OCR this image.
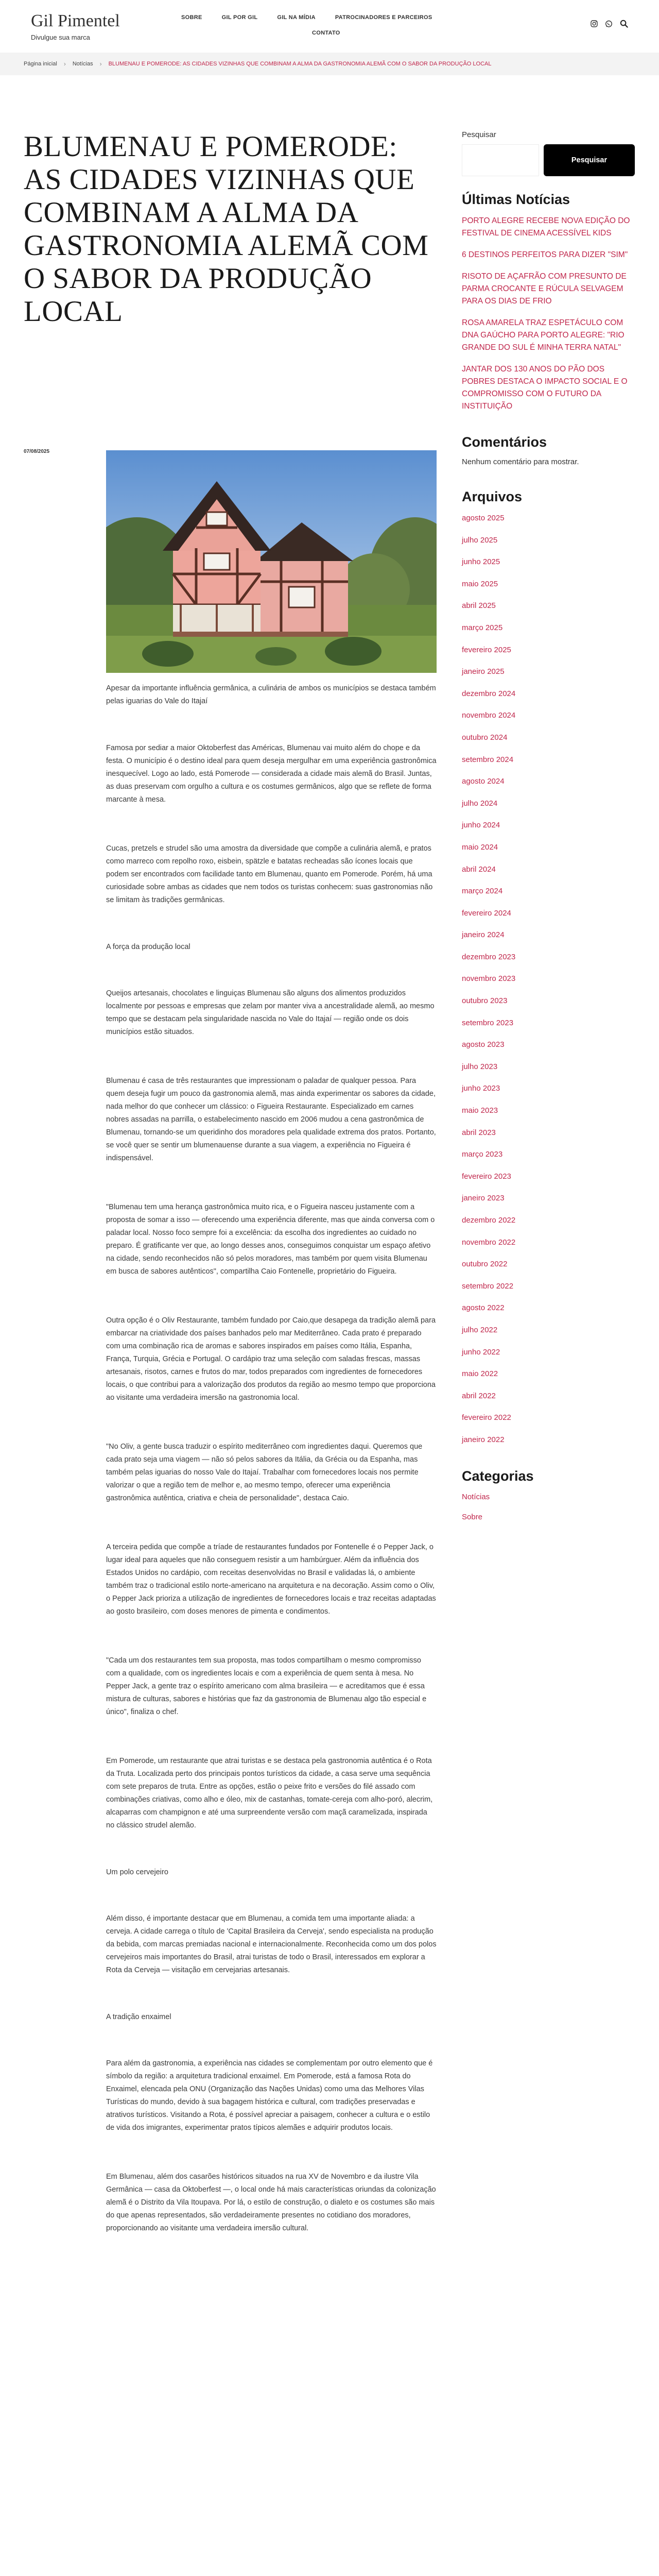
Gil Pimentel
Divulgue sua marca
SOBRE	GIL POR GIL	GIL NA MÍDIA	PATROCINADORES E PARCEIROS
CONTATO
Página inicial › Notícias › BLUMENAU E POMERODE: AS CIDADES VIZINHAS QUE COMBINAM A ALMA DA GASTRONOMIA ALEMÃ COM O SABOR DA PRODUÇÃO LOCAL
BLUMENAU E POMERODE: AS CIDADES VIZINHAS QUE COMBINAM A ALMA DA GASTRONOMIA ALEMÃ COM O SABOR DA PRODUÇÃO LOCAL
07/08/2025

Apesar da importante influência germânica, a culinária de ambos os municípios se destaca também pelas iguarias do Vale do Itajaí

Famosa por sediar a maior Oktoberfest das Américas, Blumenau vai muito além do chope e da festa. O município é o destino ideal para quem deseja mergulhar em uma experiência gastronômica inesquecível. Logo ao lado, está Pomerode — considerada a cidade mais alemã do Brasil. Juntas, as duas preservam com orgulho a cultura e os costumes germânicos, algo que se reflete de forma marcante à mesa.

Cucas, pretzels e strudel são uma amostra da diversidade que compõe a culinária alemã, e pratos como marreco com repolho roxo, eisbein, spätzle e batatas recheadas são ícones locais que podem ser encontrados com facilidade tanto em Blumenau, quanto em Pomerode. Porém, há uma curiosidade sobre ambas as cidades que nem todos os turistas conhecem: suas gastronomias não se limitam às tradições germânicas.

A força da produção local

Queijos artesanais, chocolates e linguiças Blumenau são alguns dos alimentos produzidos localmente por pessoas e empresas que zelam por manter viva a ancestralidade alemã, ao mesmo tempo que se destacam pela singularidade nascida no Vale do Itajaí — região onde os dois municípios estão situados.

Blumenau é casa de três restaurantes que impressionam o paladar de qualquer pessoa. Para quem deseja fugir um pouco da gastronomia alemã, mas ainda experimentar os sabores da cidade, nada melhor do que conhecer um clássico: o Figueira Restaurante. Especializado em carnes nobres assadas na parrilla, o estabelecimento nascido em 2006 mudou a cena gastronômica de Blumenau, tornando-se um queridinho dos moradores pela qualidade extrema dos pratos. Portanto, se você quer se sentir um blumenauense durante a sua viagem, a experiência no Figueira é indispensável.

"Blumenau tem uma herança gastronômica muito rica, e o Figueira nasceu justamente com a proposta de somar a isso — oferecendo uma experiência diferente, mas que ainda conversa com o paladar local. Nosso foco sempre foi a excelência: da escolha dos ingredientes ao cuidado no preparo. É gratificante ver que, ao longo desses anos, conseguimos conquistar um espaço afetivo na cidade, sendo reconhecidos não só pelos moradores, mas também por quem visita Blumenau em busca de sabores autênticos", compartilha Caio Fontenelle, proprietário do Figueira.

Outra opção é o Oliv Restaurante, também fundado por Caio,que desapega da tradição alemã para embarcar na criatividade dos países banhados pelo mar Mediterrâneo. Cada prato é preparado com uma combinação rica de aromas e sabores inspirados em países como Itália, Espanha, França, Turquia, Grécia e Portugal. O cardápio traz uma seleção com saladas frescas, massas artesanais, risotos, carnes e frutos do mar, todos preparados com ingredientes de fornecedores locais, o que contribui para a valorização dos produtos da região ao mesmo tempo que proporciona ao visitante uma verdadeira imersão na gastronomia local.

"No Oliv, a gente busca traduzir o espírito mediterrâneo com ingredientes daqui. Queremos que cada prato seja uma viagem — não só pelos sabores da Itália, da Grécia ou da Espanha, mas também pelas iguarias do nosso Vale do Itajaí. Trabalhar com fornecedores locais nos permite valorizar o que a região tem de melhor e, ao mesmo tempo, oferecer uma experiência gastronômica autêntica, criativa e cheia de personalidade", destaca Caio.

A terceira pedida que compõe a tríade de restaurantes fundados por Fontenelle é o Pepper Jack, o lugar ideal para aqueles que não conseguem resistir a um hambúrguer. Além da influência dos Estados Unidos no cardápio, com receitas desenvolvidas no Brasil e validadas lá, o ambiente também traz o tradicional estilo norte-americano na arquitetura e na decoração. Assim como o Oliv, o Pepper Jack prioriza a utilização de ingredientes de fornecedores locais e traz receitas adaptadas ao gosto brasileiro, com doses menores de pimenta e condimentos.

"Cada um dos restaurantes tem sua proposta, mas todos compartilham o mesmo compromisso com a qualidade, com os ingredientes locais e com a experiência de quem senta à mesa. No Pepper Jack, a gente traz o espírito americano com alma brasileira — e acreditamos que é essa mistura de culturas, sabores e histórias que faz da gastronomia de Blumenau algo tão especial e único", finaliza o chef.

Em Pomerode, um restaurante que atrai turistas e se destaca pela gastronomia autêntica é o Rota da Truta. Localizada perto dos principais pontos turísticos da cidade, a casa serve uma sequência com sete preparos de truta. Entre as opções, estão o peixe frito e versões do filé assado com combinações criativas, como alho e óleo, mix de castanhas, tomate-cereja com alho-poró, alecrim, alcaparras com champignon e até uma surpreendente versão com maçã caramelizada, inspirada no clássico strudel alemão.

Um polo cervejeiro

Além disso, é importante destacar que em Blumenau, a comida tem uma importante aliada: a cerveja. A cidade carrega o título de 'Capital Brasileira da Cerveja', sendo especialista na produção da bebida, com marcas premiadas nacional e internacionalmente. Reconhecida como um dos polos cervejeiros mais importantes do Brasil, atrai turistas de todo o Brasil, interessados em explorar a Rota da Cerveja — visitação em cervejarias artesanais.

A tradição enxaimel

Para além da gastronomia, a experiência nas cidades se complementam por outro elemento que é símbolo da região: a arquitetura tradicional enxaimel. Em Pomerode, está a famosa Rota do Enxaimel, elencada pela ONU (Organização das Nações Unidas) como uma das Melhores Vilas Turísticas do mundo, devido à sua bagagem histórica e cultural, com tradições preservadas e atrativos turísticos. Visitando a Rota, é possível apreciar a paisagem, conhecer a cultura e o estilo de vida dos imigrantes, experimentar pratos típicos alemães e adquirir produtos locais.

Em Blumenau, além dos casarões históricos situados na rua XV de Novembro e da ilustre Vila Germânica — casa da Oktoberfest —, o local onde há mais características oriundas da colonização alemã é o Distrito da Vila Itoupava. Por lá, o estilo de construção, o dialeto e os costumes são mais do que apenas representados, são verdadeiramente presentes no cotidiano dos moradores, proporcionando ao visitante uma verdadeira imersão cultural.

Pesquisar
Pesquisar
Últimas Notícias
PORTO ALEGRE RECEBE NOVA EDIÇÃO DO FESTIVAL DE CINEMA ACESSÍVEL KIDS
6 DESTINOS PERFEITOS PARA DIZER "SIM"
RISOTO DE AÇAFRÃO COM PRESUNTO DE PARMA CROCANTE E RÚCULA SELVAGEM PARA OS DIAS DE FRIO
ROSA AMARELA TRAZ ESPETÁCULO COM DNA GAÚCHO PARA PORTO ALEGRE: "RIO GRANDE DO SUL É MINHA TERRA NATAL"
JANTAR DOS 130 ANOS DO PÃO DOS POBRES DESTACA O IMPACTO SOCIAL E O COMPROMISSO COM O FUTURO DA INSTITUIÇÃO
Comentários
Nenhum comentário para mostrar.
Arquivos
agosto 2025
julho 2025
junho 2025
maio 2025
abril 2025
março 2025
fevereiro 2025
janeiro 2025
dezembro 2024
novembro 2024
outubro 2024
setembro 2024
agosto 2024
julho 2024
junho 2024
maio 2024
abril 2024
março 2024
fevereiro 2024
janeiro 2024
dezembro 2023
novembro 2023
outubro 2023
setembro 2023
agosto 2023
julho 2023
junho 2023
maio 2023
abril 2023
março 2023
fevereiro 2023
janeiro 2023
dezembro 2022
novembro 2022
outubro 2022
setembro 2022
agosto 2022
julho 2022
junho 2022
maio 2022
abril 2022
fevereiro 2022
janeiro 2022
Categorias
Notícias
Sobre
